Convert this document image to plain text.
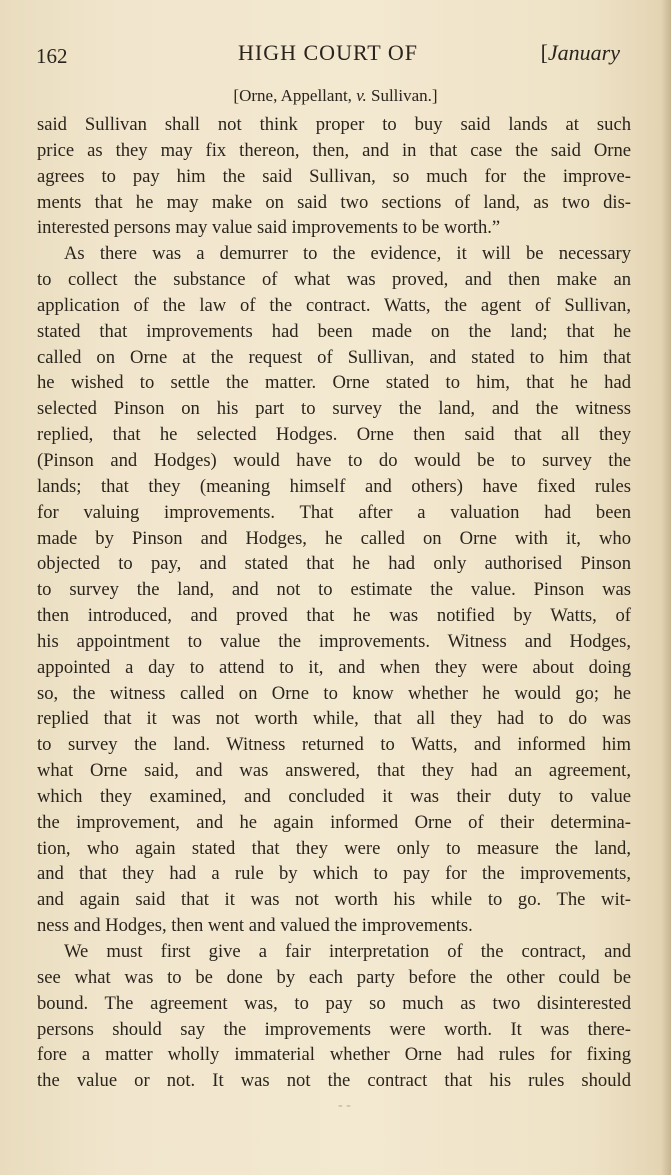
162	HIGH COURT OF	[January
[Orne, Appellant, v. Sullivan.]
said Sullivan shall not think proper to buy said lands at such
price as they may fix thereon, then, and in that case the said Orne
agrees to pay him the said Sullivan, so much for the improve-
ments that he may make on said two sections of land, as two dis-
interested persons may value said improvements to be worth.”
As there was a demurrer to the evidence, it will be necessary
to collect the substance of what was proved, and then make an
application of the law of the contract. Watts, the agent of Sullivan,
stated that improvements had been made on the land; that he
called on Orne at the request of Sullivan, and stated to him that
he wished to settle the matter. Orne stated to him, that he had
selected Pinson on his part to survey the land, and the witness
replied, that he selected Hodges. Orne then said that all they
(Pinson and Hodges) would have to do would be to survey the
lands; that they (meaning himself and others) have fixed rules
for valuing improvements. That after a valuation had been
made by Pinson and Hodges, he called on Orne with it, who
objected to pay, and stated that he had only authorised Pinson
to survey the land, and not to estimate the value. Pinson was
then introduced, and proved that he was notified by Watts, of
his appointment to value the improvements. Witness and Hodges,
appointed a day to attend to it, and when they were about doing
so, the witness called on Orne to know whether he would go; he
replied that it was not worth while, that all they had to do was
to survey the land. Witness returned to Watts, and informed him
what Orne said, and was answered, that they had an agreement,
which they examined, and concluded it was their duty to value
the improvement, and he again informed Orne of their determina-
tion, who again stated that they were only to measure the land,
and that they had a rule by which to pay for the improvements,
and again said that it was not worth his while to go. The wit-
ness and Hodges, then went and valued the improvements.
We must first give a fair interpretation of the contract, and
see what was to be done by each party before the other could be
bound. The agreement was, to pay so much as two disinterested
persons should say the improvements were worth. It was there-
fore a matter wholly immaterial whether Orne had rules for fixing
the value or not. It was not the contract that his rules should
- -
